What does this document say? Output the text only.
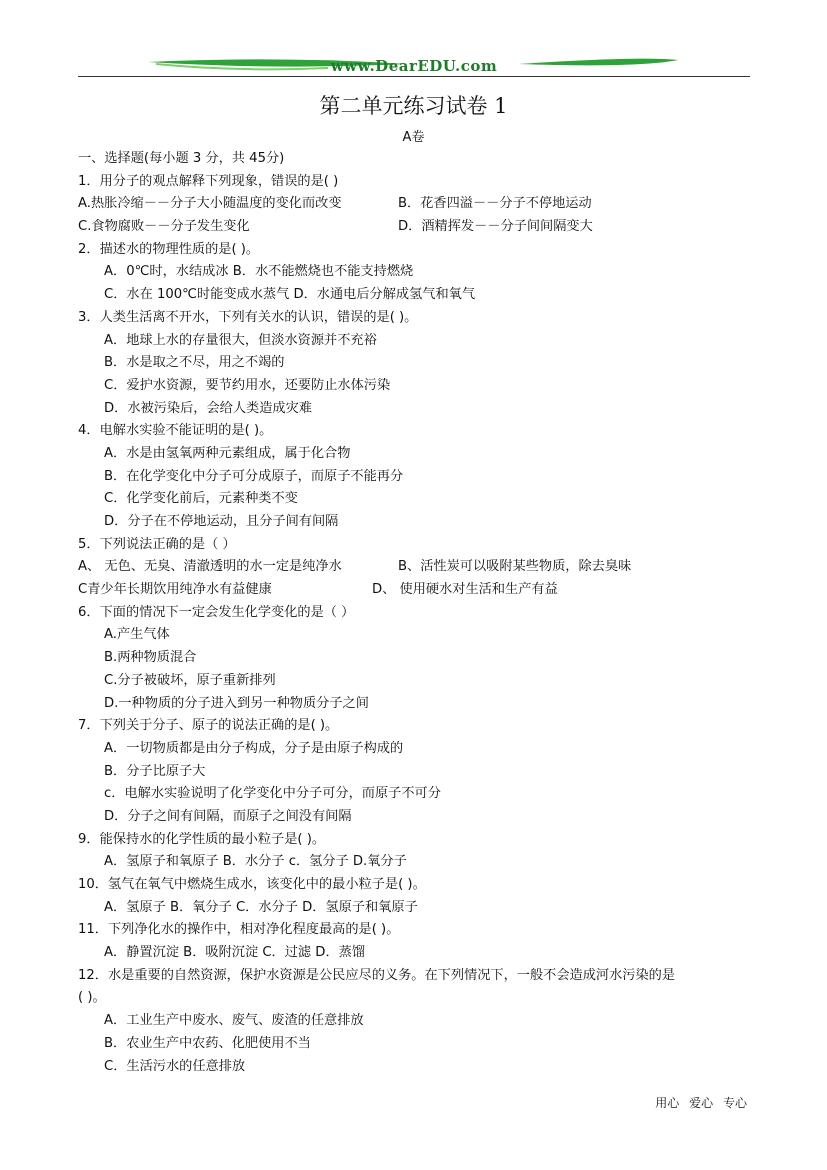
www.DearEDU.com
第二单元练习试卷 1
A卷
一、选择题(每小题 3 分，共 45分)
1．用分子的观点解释下列现象，错误的是( )
A.热胀冷缩－－分子大小随温度的变化而改变	B．花香四溢－－分子不停地运动
C.食物腐败－－分子发生变化	D．酒精挥发－－分子间间隔变大
2．描述水的物理性质的是( )。
A．0℃时，水结成冰 B．水不能燃烧也不能支持燃烧
C．水在 100℃时能变成水蒸气 D．水通电后分解成氢气和氧气
3．人类生活离不开水，下列有关水的认识，错误的是( )。
A．地球上水的存量很大，但淡水资源并不充裕
B．水是取之不尽，用之不竭的
C．爱护水资源，要节约用水，还要防止水体污染
D．水被污染后，会给人类造成灾难
4．电解水实验不能证明的是( )。
A．水是由氢氧两种元素组成，属于化合物
B．在化学变化中分子可分成原子，而原子不能再分
C．化学变化前后，元素种类不变
D．分子在不停地运动，且分子间有间隔
5．下列说法正确的是（ ）
A、 无色、无臭、清澈透明的水一定是纯净水	B、活性炭可以吸附某些物质，除去臭味
C青少年长期饮用纯净水有益健康	D、 使用硬水对生活和生产有益
6．下面的情况下一定会发生化学变化的是（ ）
A.产生气体
B.两种物质混合
C.分子被破坏，原子重新排列
D.一种物质的分子进入到另一种物质分子之间
7．下列关于分子、原子的说法正确的是( )。
A．一切物质都是由分子构成，分子是由原子构成的
B．分子比原子大
c．电解水实验说明了化学变化中分子可分，而原子不可分
D．分子之间有间隔，而原子之间没有间隔
9．能保持水的化学性质的最小粒子是( )。
A．氢原子和氧原子 B．水分子 c．氢分子 D.氧分子
10．氢气在氧气中燃烧生成水，该变化中的最小粒子是( )。
A．氢原子 B．氧分子 C．水分子 D．氢原子和氧原子
11．下列净化水的操作中，相对净化程度最高的是( )。
A．静置沉淀 B．吸附沉淀 C．过滤 D．蒸馏
12．水是重要的自然资源，保护水资源是公民应尽的义务。在下列情况下，一般不会造成河水污染的是
( )。
A．工业生产中废水、废气、废渣的任意排放
B．农业生产中农药、化肥使用不当
C．生活污水的任意排放
用心 爱心 专心
